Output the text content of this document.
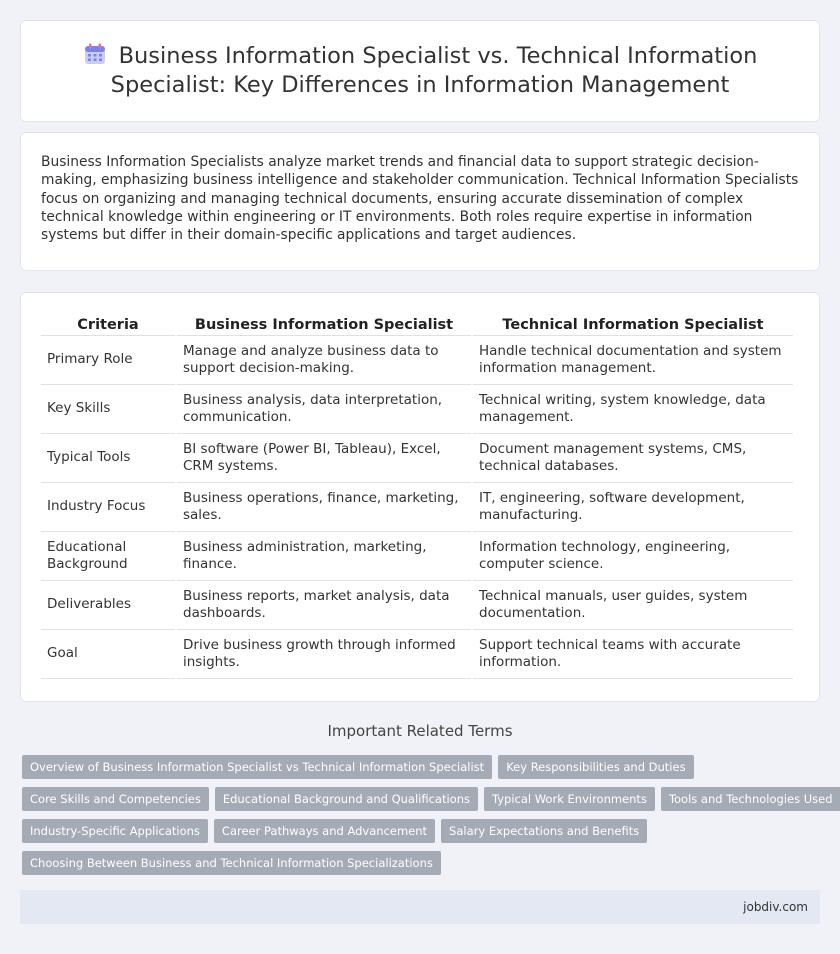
Business Information Specialist vs. Technical Information Specialist: Key Differences in Information Management

Business Information Specialists analyze market trends and financial data to support strategic decision-making, emphasizing business intelligence and stakeholder communication. Technical Information Specialists focus on organizing and managing technical documents, ensuring accurate dissemination of complex technical knowledge within engineering or IT environments. Both roles require expertise in information systems but differ in their domain-specific applications and target audiences.

Criteria	Business Information Specialist	Technical Information Specialist
Primary Role	Manage and analyze business data to support decision-making.	Handle technical documentation and system information management.
Key Skills	Business analysis, data interpretation, communication.	Technical writing, system knowledge, data management.
Typical Tools	BI software (Power BI, Tableau), Excel, CRM systems.	Document management systems, CMS, technical databases.
Industry Focus	Business operations, finance, marketing, sales.	IT, engineering, software development, manufacturing.
Educational Background	Business administration, marketing, finance.	Information technology, engineering, computer science.
Deliverables	Business reports, market analysis, data dashboards.	Technical manuals, user guides, system documentation.
Goal	Drive business growth through informed insights.	Support technical teams with accurate information.
Important Related Terms
Overview of Business Information Specialist vs Technical Information Specialist	Key Responsibilities and Duties
Core Skills and Competencies	Educational Background and Qualifications	Typical Work Environments	Tools and Technologies Used
Industry-Specific Applications	Career Pathways and Advancement	Salary Expectations and Benefits
Choosing Between Business and Technical Information Specializations
jobdiv.com
